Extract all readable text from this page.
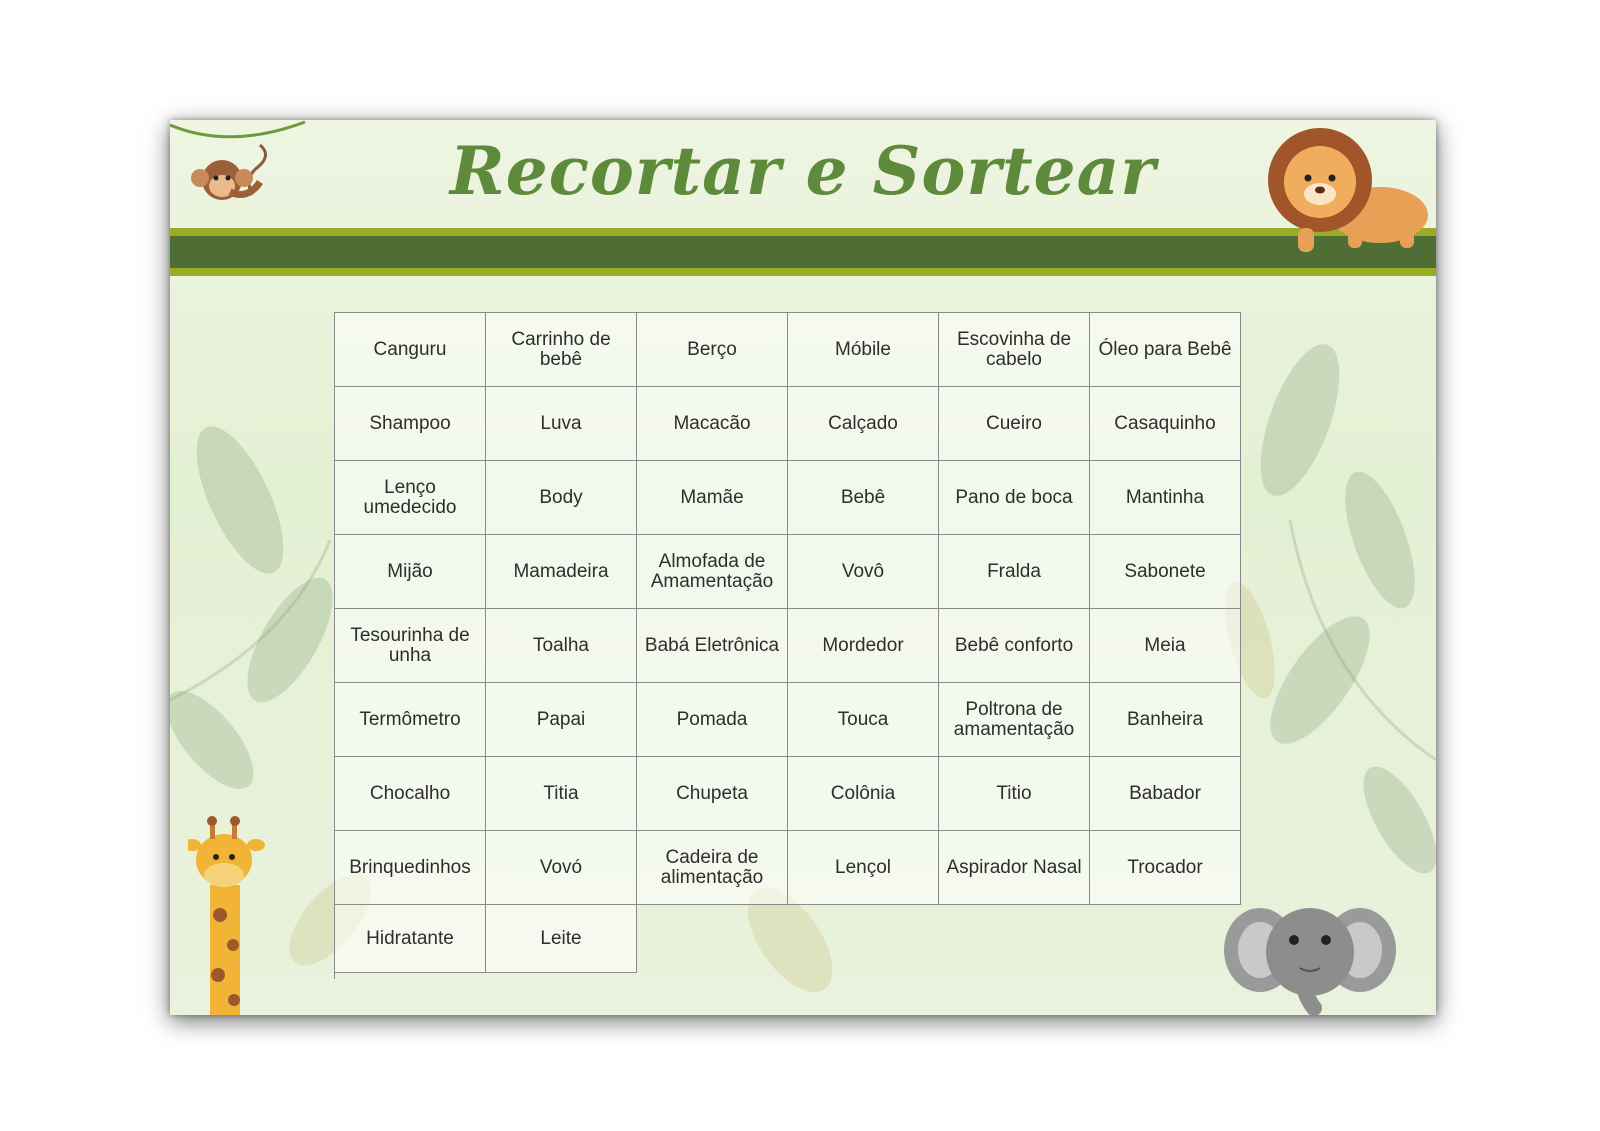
Recortar e Sortear
Canguru	Carrinho de bebê	Berço	Móbile	Escovinha de cabelo	Óleo para Bebê
Shampoo	Luva	Macacão	Calçado	Cueiro	Casaquinho
Lenço umedecido	Body	Mamãe	Bebê	Pano de boca	Mantinha
Mijão	Mamadeira	Almofada de Amamentação	Vovô	Fralda	Sabonete
Tesourinha de unha	Toalha	Babá Eletrônica	Mordedor	Bebê conforto	Meia
Termômetro	Papai	Pomada	Touca	Poltrona de amamentação	Banheira
Chocalho	Titia	Chupeta	Colônia	Titio	Babador
Brinquedinhos	Vovó	Cadeira de alimentação	Lençol	Aspirador Nasal	Trocador
Hidratante	Leite
